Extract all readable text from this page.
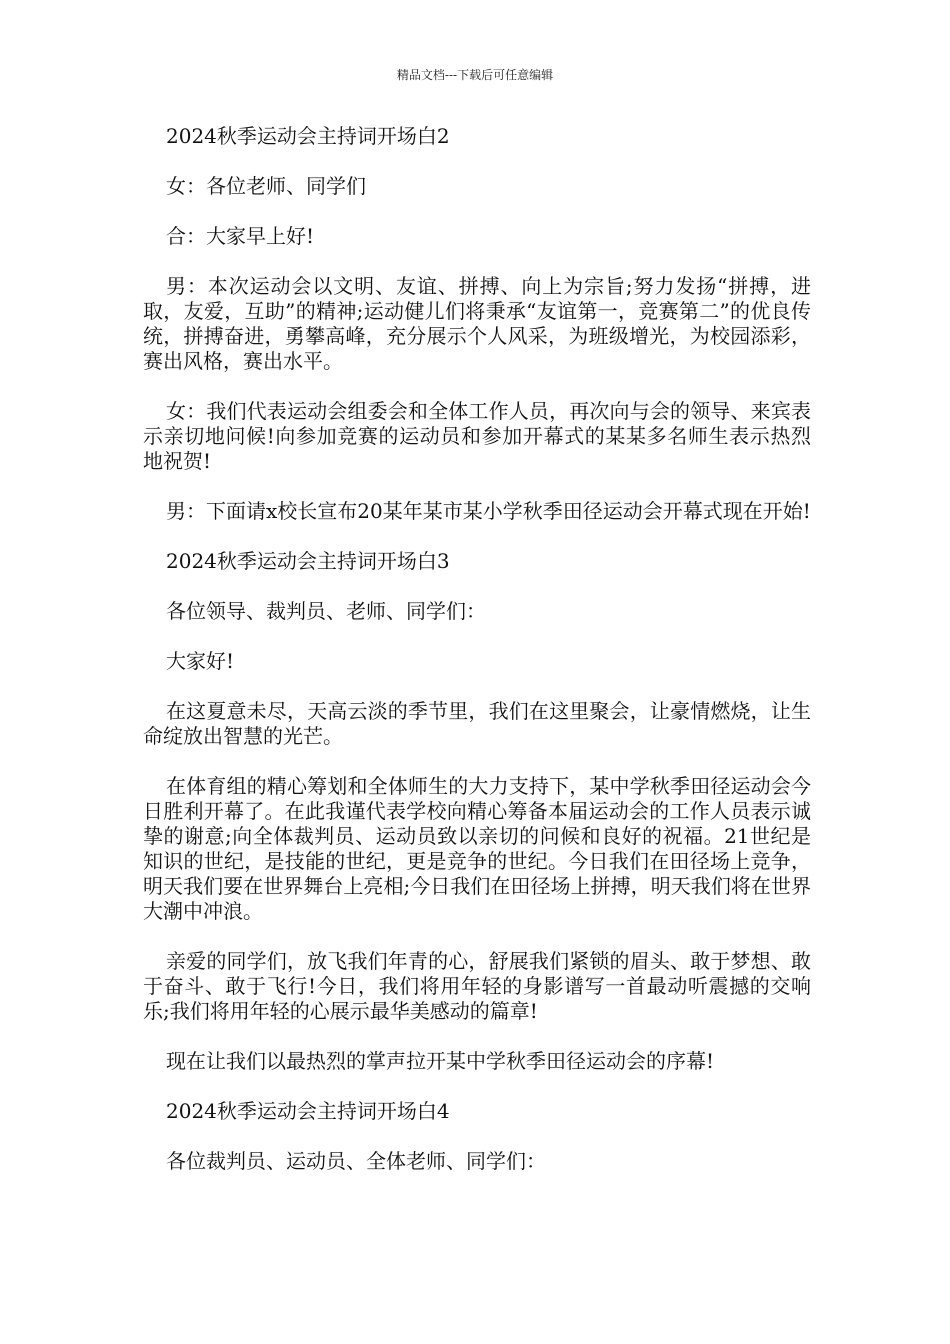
精品文档---下载后可任意编辑

2024秋季运动会主持词开场白2

女：各位老师、同学们

合：大家早上好!

男：本次运动会以文明、友谊、拼搏、向上为宗旨;努力发扬“拼搏，进取，友爱，互助”的精神;运动健儿们将秉承“友谊第一，竞赛第二”的优良传统，拼搏奋进，勇攀高峰，充分展示个人风采，为班级增光，为校园添彩，赛出风格，赛出水平。

女：我们代表运动会组委会和全体工作人员，再次向与会的领导、来宾表示亲切地问候!向参加竞赛的运动员和参加开幕式的某某多名师生表示热烈地祝贺!

男：下面请x校长宣布20某年某市某小学秋季田径运动会开幕式现在开始!

2024秋季运动会主持词开场白3

各位领导、裁判员、老师、同学们：

大家好!

在这夏意未尽，天高云淡的季节里，我们在这里聚会，让豪情燃烧，让生命绽放出智慧的光芒。

在体育组的精心筹划和全体师生的大力支持下，某中学秋季田径运动会今日胜利开幕了。在此我谨代表学校向精心筹备本届运动会的工作人员表示诚挚的谢意;向全体裁判员、运动员致以亲切的问候和良好的祝福。21世纪是知识的世纪，是技能的世纪，更是竞争的世纪。今日我们在田径场上竞争，明天我们要在世界舞台上亮相;今日我们在田径场上拼搏，明天我们将在世界大潮中冲浪。

亲爱的同学们，放飞我们年青的心，舒展我们紧锁的眉头、敢于梦想、敢于奋斗、敢于飞行!今日，我们将用年轻的身影谱写一首最动听震撼的交响乐;我们将用年轻的心展示最华美感动的篇章!

现在让我们以最热烈的掌声拉开某中学秋季田径运动会的序幕!

2024秋季运动会主持词开场白4

各位裁判员、运动员、全体老师、同学们：
